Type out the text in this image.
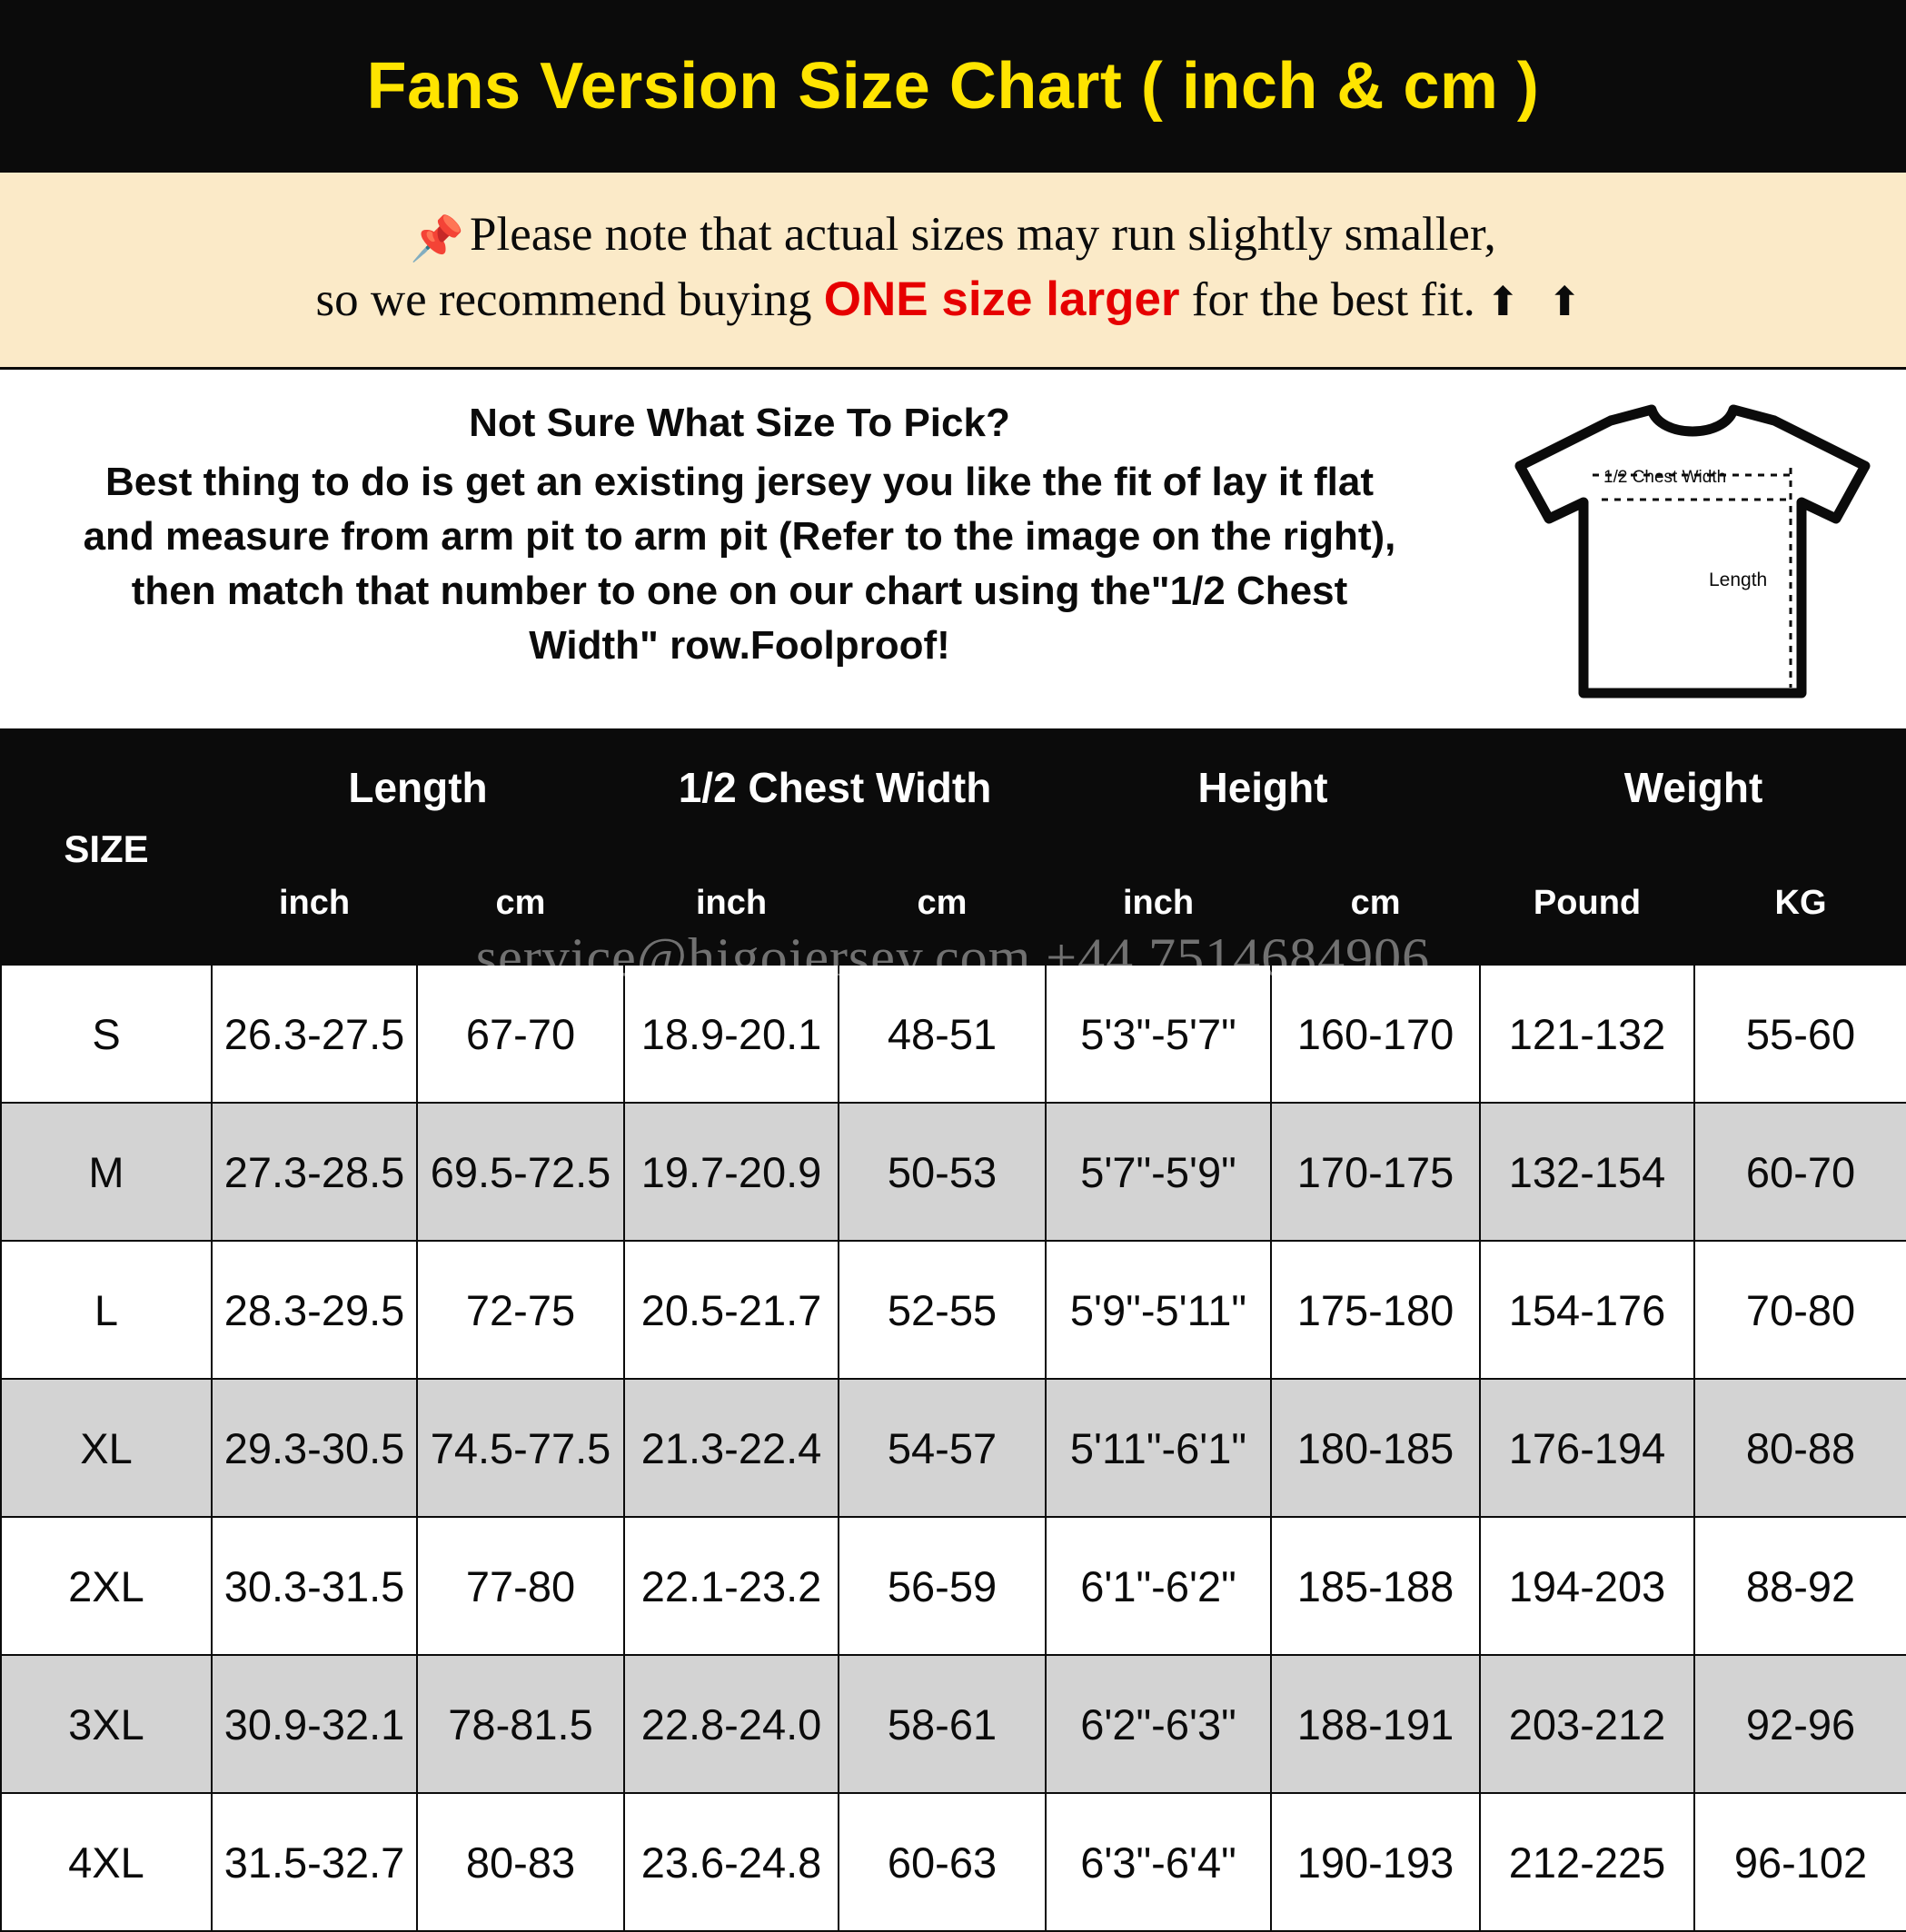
Fans Version Size Chart ( inch & cm )
📌 Please note that actual sizes may run slightly smaller,
so we recommend buying ONE size larger for the best fit. ⬆ ⬆
Not Sure What Size To Pick?
Best thing to do is get an existing jersey you like the fit of lay it flat
and measure from arm pit to arm pit (Refer to the image on the right),
then match that number to one on our chart using the"1/2 Chest
Width" row.Foolproof!
1/2 Chest Width
Length
SIZE	Length		1/2 Chest Width		Height		Weight	
	inch	cm	inch	cm	inch	cm	Pound	KG
S	26.3-27.5	67-70	18.9-20.1	48-51	5'3"-5'7"	160-170	121-132	55-60
M	27.3-28.5	69.5-72.5	19.7-20.9	50-53	5'7"-5'9"	170-175	132-154	60-70
L	28.3-29.5	72-75	20.5-21.7	52-55	5'9"-5'11"	175-180	154-176	70-80
XL	29.3-30.5	74.5-77.5	21.3-22.4	54-57	5'11"-6'1"	180-185	176-194	80-88
2XL	30.3-31.5	77-80	22.1-23.2	56-59	6'1"-6'2"	185-188	194-203	88-92
3XL	30.9-32.1	78-81.5	22.8-24.0	58-61	6'2"-6'3"	188-191	203-212	92-96
4XL	31.5-32.7	80-83	23.6-24.8	60-63	6'3"-6'4"	190-193	212-225	96-102
service@higojersey.com +44 7514684906
